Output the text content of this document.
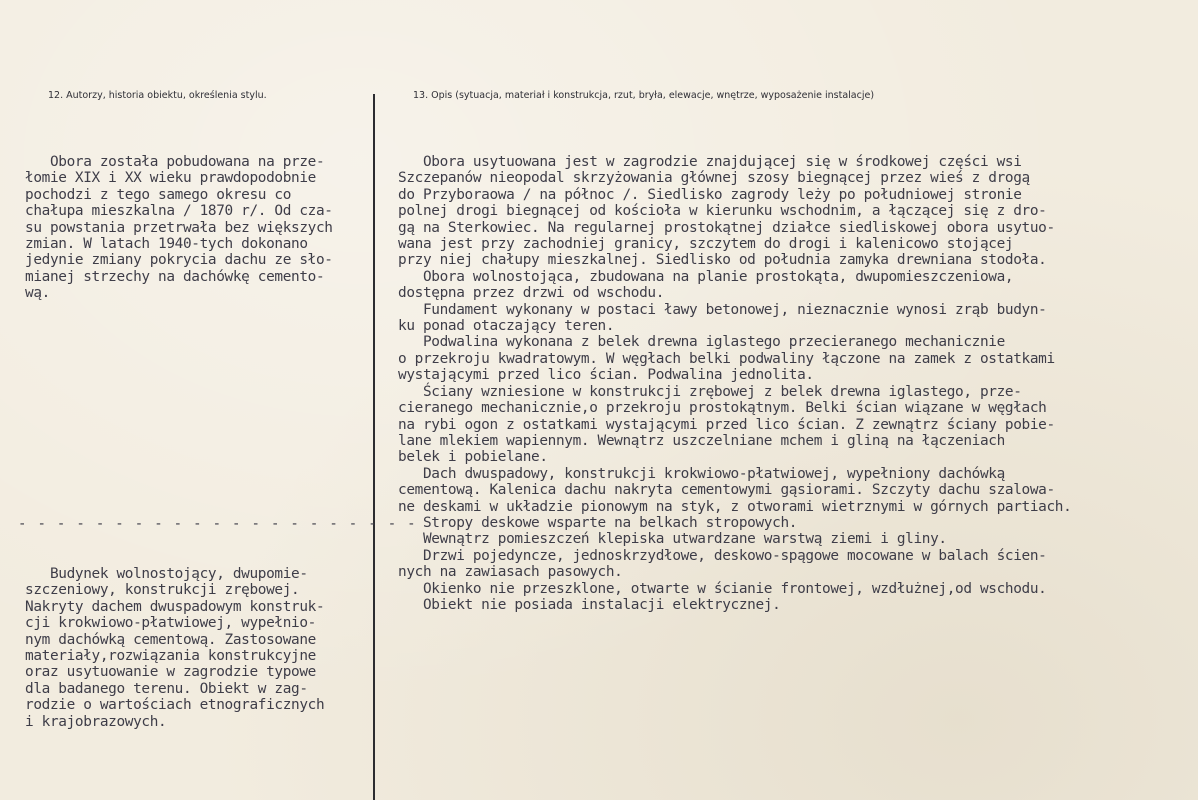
12. Autorzy, historia obiektu, określenia stylu.	13. Opis (sytuacja, materiał i konstrukcja, rzut, bryła, elewacje, wnętrze, wyposażenie instalacje)
Obora została pobudowana na prze-
łomie XIX i XX wieku prawdopodobnie
pochodzi z tego samego okresu co
chałupa mieszkalna / 1870 r/. Od cza-
su powstania przetrwała bez większych
zmian. W latach 1940-tych dokonano
jedynie zmiany pokrycia dachu ze sło-
mianej strzechy na dachówkę cemento-
wą.
- - - - - - - - - - - - - - - - - - - - -
Budynek wolnostojący, dwupomie-
szczeniowy, konstrukcji zrębowej.
Nakryty dachem dwuspadowym konstruk-
cji krokwiowo-płatwiowej, wypełnio-
nym dachówką cementową. Zastosowane
materiały,rozwiązania konstrukcyjne
oraz usytuowanie w zagrodzie typowe
dla badanego terenu. Obiekt w zag-
rodzie o wartościach etnograficznych
i krajobrazowych.
Obora usytuowana jest w zagrodzie znajdującej się w środkowej części wsi
Szczepanów nieopodal skrzyżowania głównej szosy biegnącej przez wieś z drogą
do Przyboraowa / na północ /. Siedlisko zagrody leży po południowej stronie
polnej drogi biegnącej od kościoła w kierunku wschodnim, a łączącej się z dro-
gą na Sterkowiec. Na regularnej prostokątnej działce siedliskowej obora usytuo-
wana jest przy zachodniej granicy, szczytem do drogi i kalenicowo stojącej
przy niej chałupy mieszkalnej. Siedlisko od południa zamyka drewniana stodoła.
Obora wolnostojąca, zbudowana na planie prostokąta, dwupomieszczeniowa,
dostępna przez drzwi od wschodu.
Fundament wykonany w postaci ławy betonowej, nieznacznie wynosi zrąb budyn-
ku ponad otaczający teren.
Podwalina wykonana z belek drewna iglastego przecieranego mechanicznie
o przekroju kwadratowym. W węgłach belki podwaliny łączone na zamek z ostatkami
wystającymi przed lico ścian. Podwalina jednolita.
Ściany wzniesione w konstrukcji zrębowej z belek drewna iglastego, prze-
cieranego mechanicznie,o przekroju prostokątnym. Belki ścian wiązane w węgłach
na rybi ogon z ostatkami wystającymi przed lico ścian. Z zewnątrz ściany pobie-
lane mlekiem wapiennym. Wewnątrz uszczelniane mchem i gliną na łączeniach
belek i pobielane.
Dach dwuspadowy, konstrukcji krokwiowo-płatwiowej, wypełniony dachówką
cementową. Kalenica dachu nakryta cementowymi gąsiorami. Szczyty dachu szalowa-
ne deskami w układzie pionowym na styk, z otworami wietrznymi w górnych partiach.
Stropy deskowe wsparte na belkach stropowych.
Wewnątrz pomieszczeń klepiska utwardzane warstwą ziemi i gliny.
Drzwi pojedyncze, jednoskrzydłowe, deskowo-spągowe mocowane w balach ścien-
nych na zawiasach pasowych.
Okienko nie przeszklone, otwarte w ścianie frontowej, wzdłużnej,od wschodu.
Obiekt nie posiada instalacji elektrycznej.
